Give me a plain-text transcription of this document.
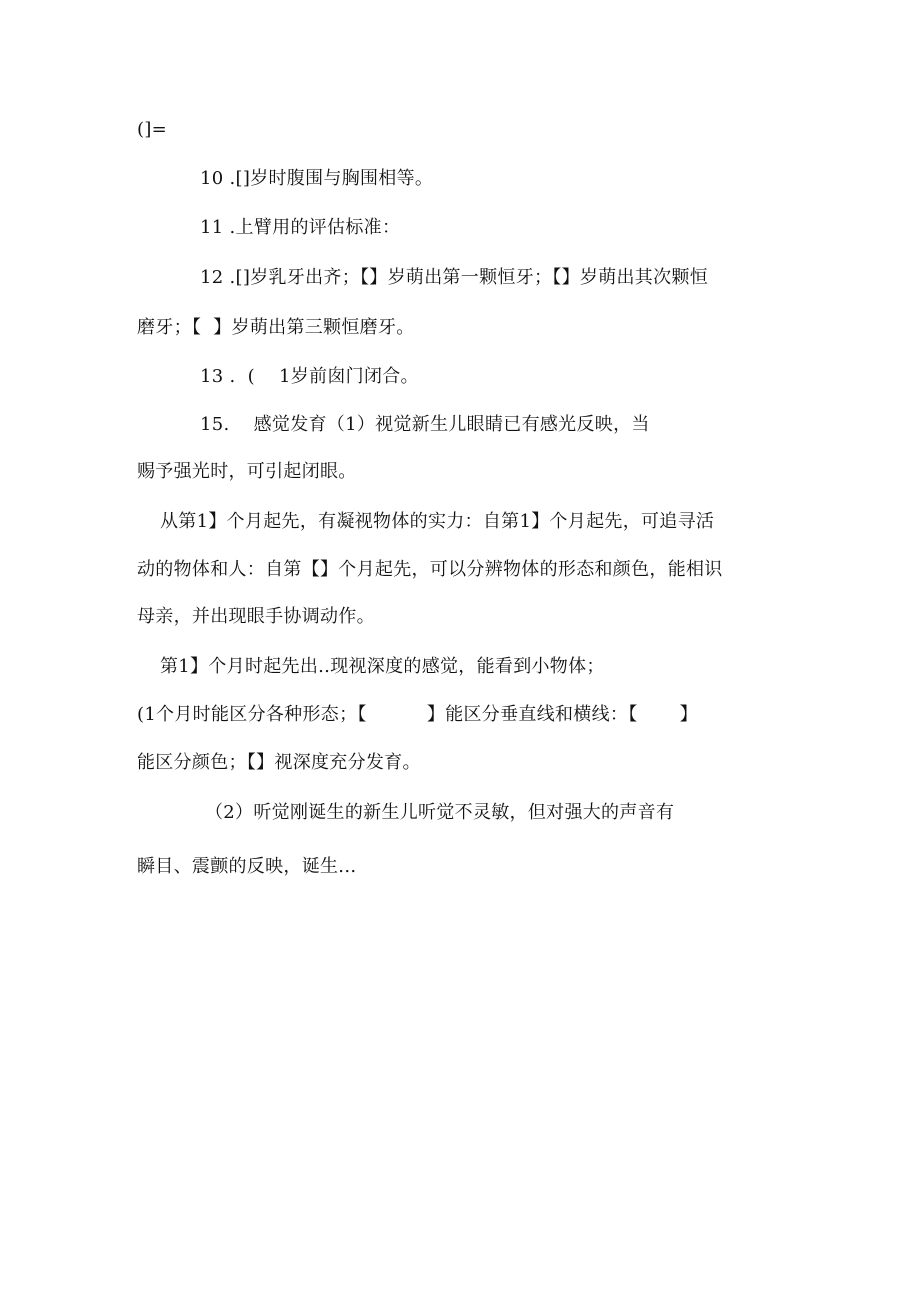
(]=
10 .[]岁时腹围与胸围相等。
11 .上臂用的评估标准：
12 .[]岁乳牙出齐；【】岁萌出第一颗恒牙；【】岁萌出其次颗恒
磨牙；【  】岁萌出第三颗恒磨牙。
13 .  (    1岁前囱门闭合。
15.    感觉发育（1）视觉新生儿眼睛已有感光反映，当
赐予强光时，可引起闭眼。
从第1】个月起先，有凝视物体的实力：自第1】个月起先，可追寻活
动的物体和人：自第【】个月起先，可以分辨物体的形态和颜色，能相识
母亲，并出现眼手协调动作。
第1】个月时起先出..现视深度的感觉，能看到小物体；
(1个月时能区分各种形态；【          】能区分垂直线和横线：【       】
能区分颜色；【】视深度充分发育。
（2）听觉刚诞生的新生儿听觉不灵敏，但对强大的声音有
瞬目、震颤的反映，诞生...
